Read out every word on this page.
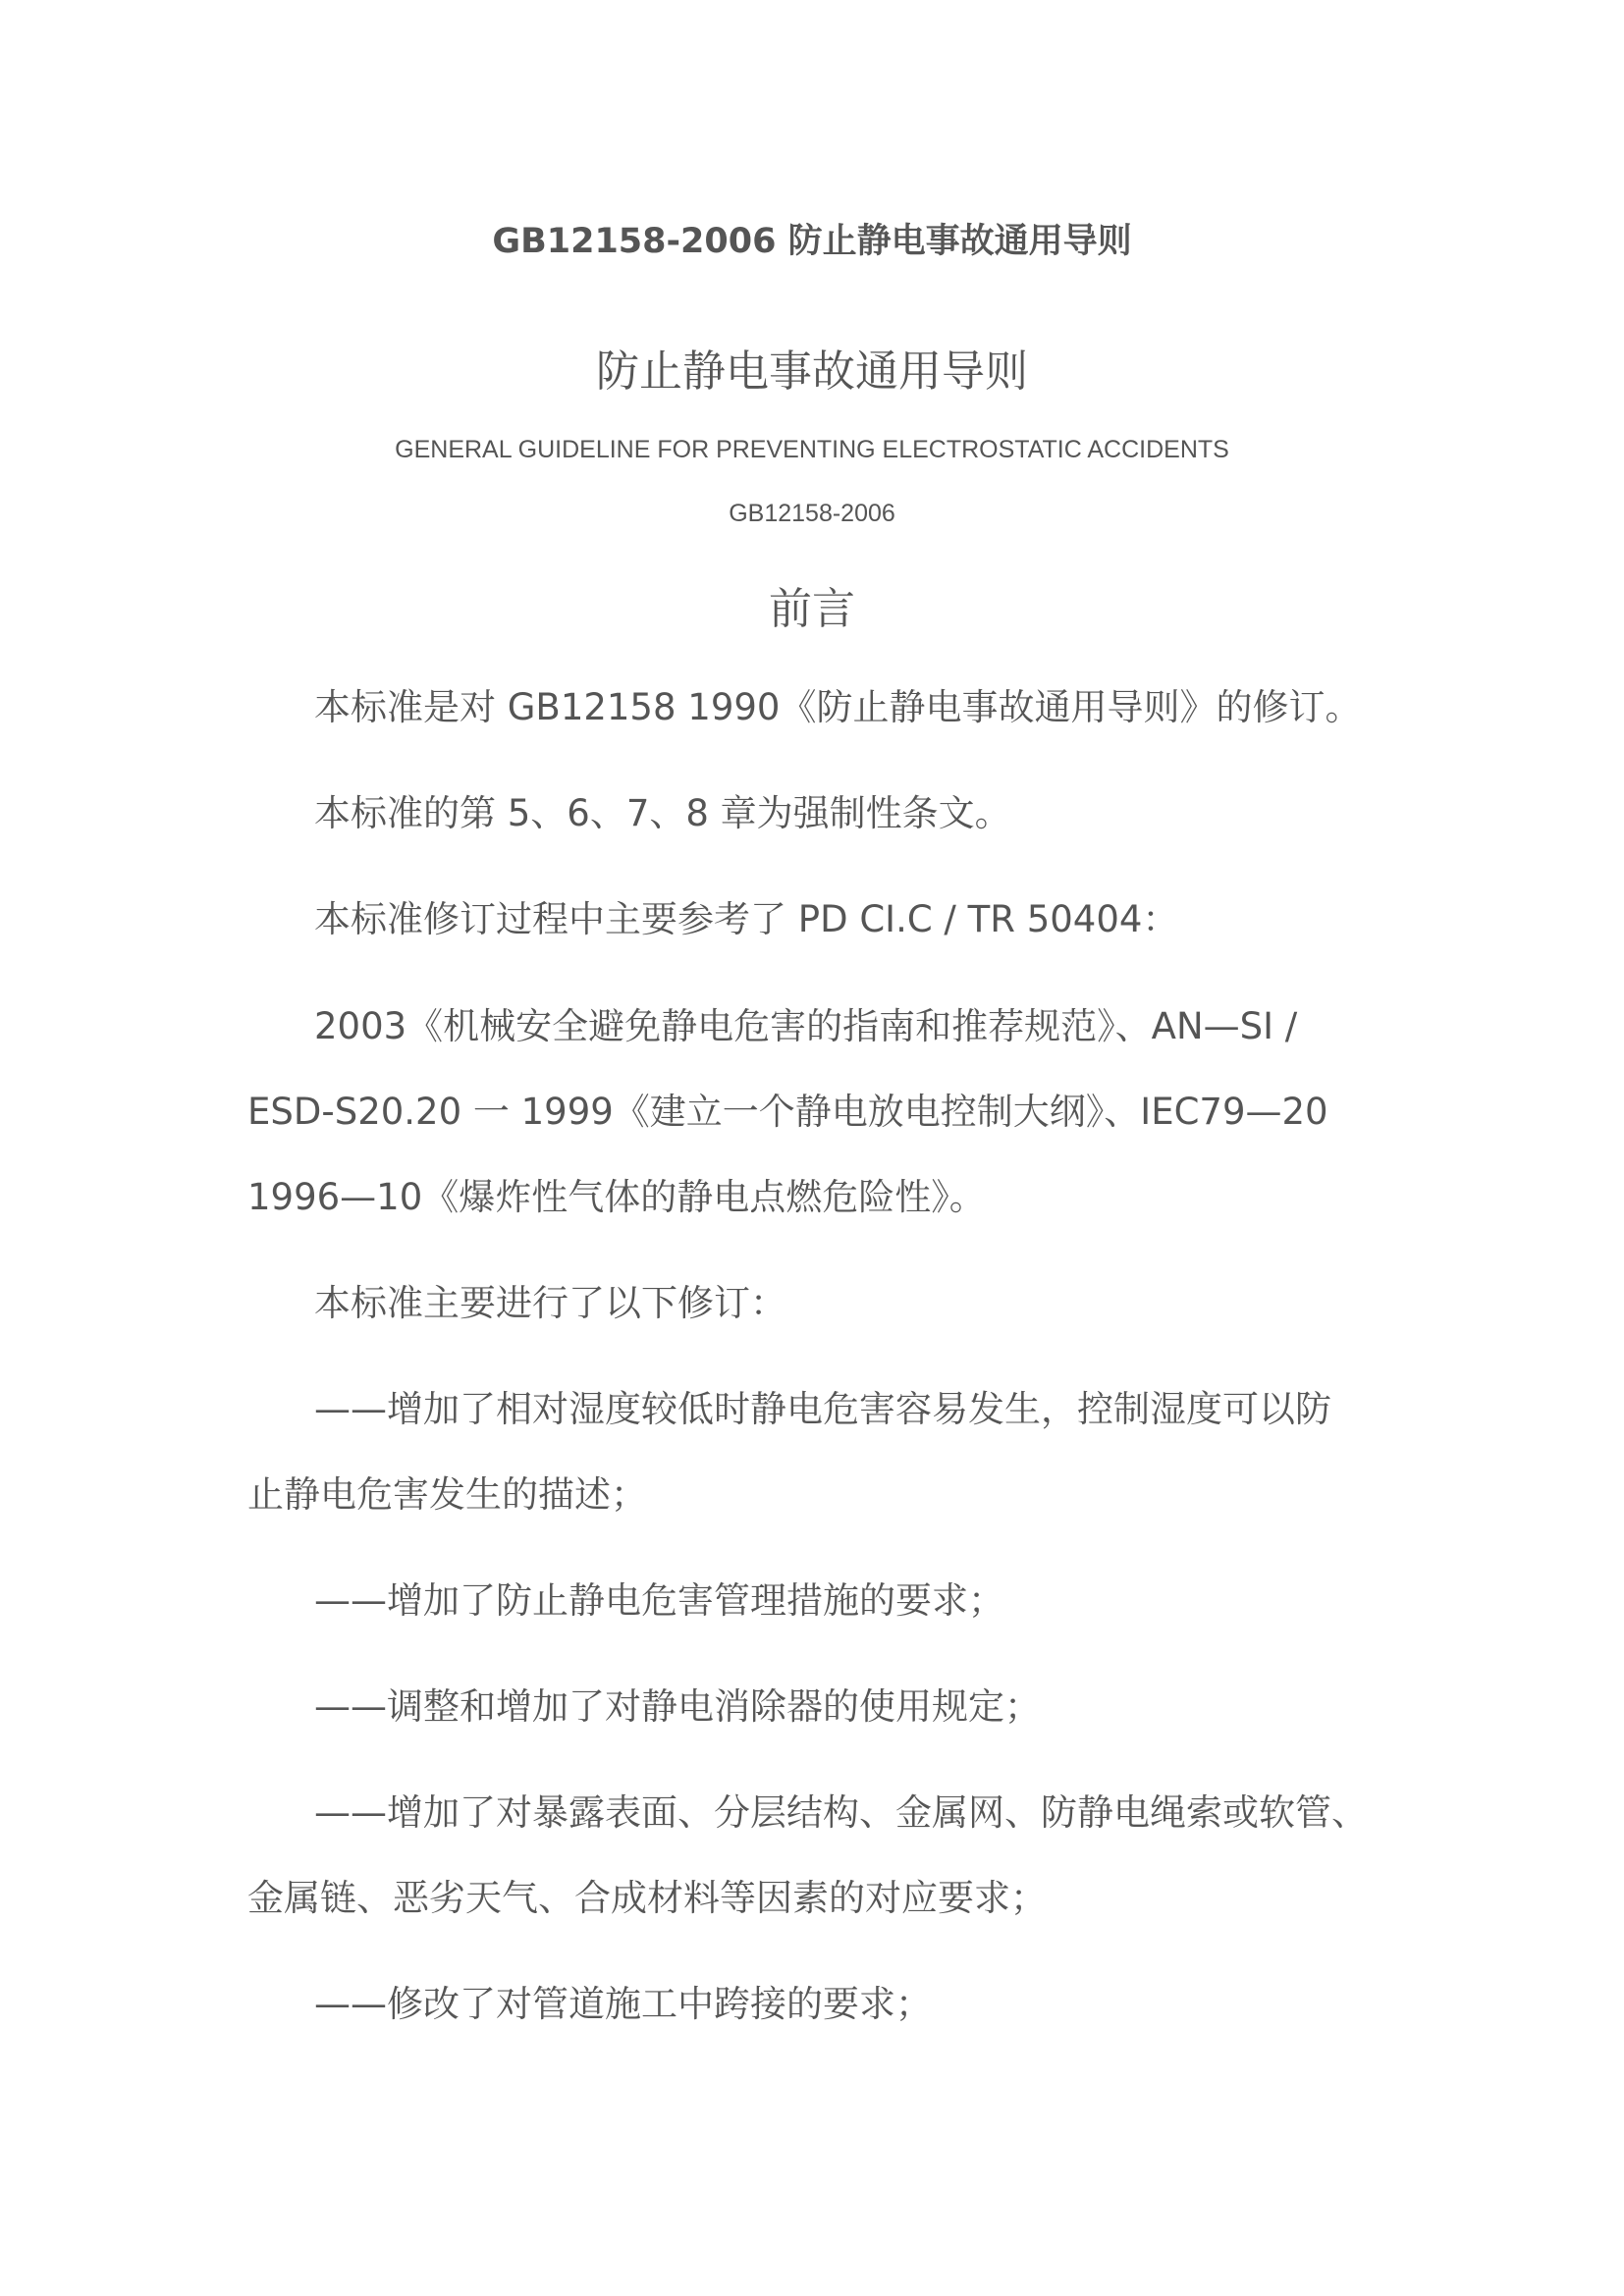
GB12158-2006 防止静电事故通用导则
防止静电事故通用导则
GENERAL GUIDELINE FOR PREVENTING ELECTROSTATIC ACCIDENTS
GB12158-2006
前言
本标准是对 GB12158 1990《防止静电事故通用导则》的修订。
本标准的第 5、6、7、8 章为强制性条文。
本标准修订过程中主要参考了 PD CI.C / TR 50404：
2003《机械安全避免静电危害的指南和推荐规范》、AN—SI /
ESD-S20.20 一 1999《建立一个静电放电控制大纲》、IEC79—20
1996—10《爆炸性气体的静电点燃危险性》。
本标准主要进行了以下修订：
——增加了相对湿度较低时静电危害容易发生，控制湿度可以防
止静电危害发生的描述；
——增加了防止静电危害管理措施的要求；
——调整和增加了对静电消除器的使用规定；
——增加了对暴露表面、分层结构、金属网、防静电绳索或软管、
金属链、恶劣天气、合成材料等因素的对应要求；
——修改了对管道施工中跨接的要求；
